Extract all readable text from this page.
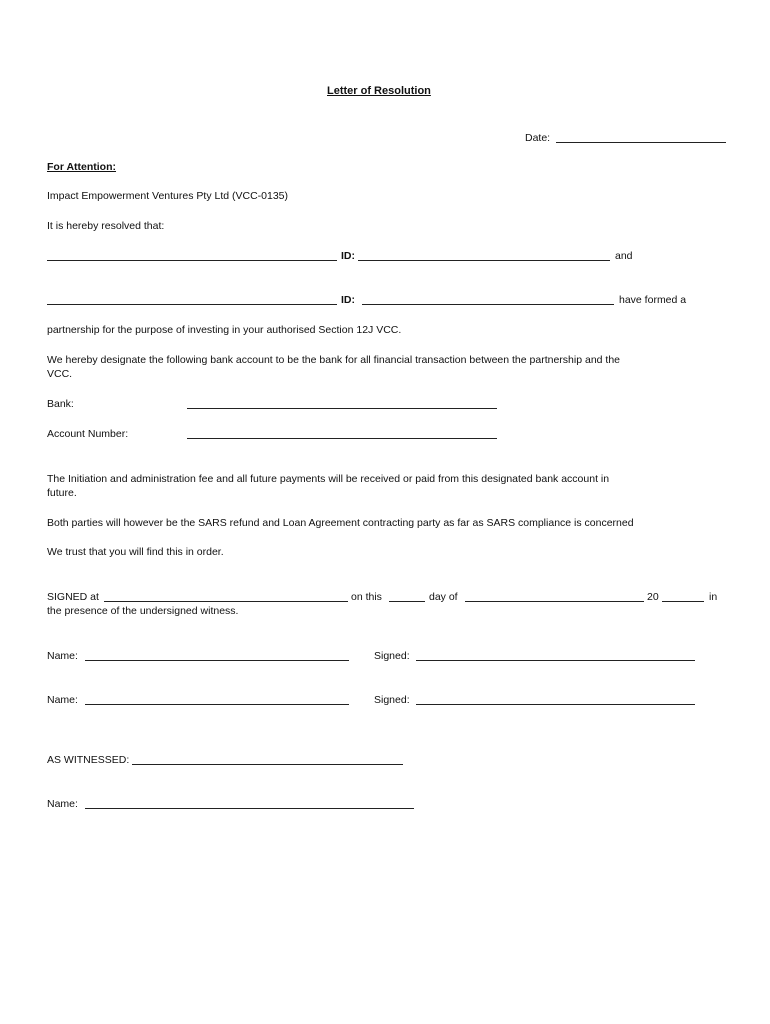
Letter of Resolution
Date:
For Attention:
Impact Empowerment Ventures Pty Ltd (VCC-0135)
It is hereby resolved that:
ID:	and
ID:	have formed a
partnership for the purpose of investing in your authorised Section 12J VCC.
We hereby designate the following bank account to be the bank for all financial transaction between the partnership and the
VCC.
Bank:
Account Number:
The Initiation and administration fee and all future payments will be received or paid from this designated bank account in
future.
Both parties will however be the SARS refund and Loan Agreement contracting party as far as SARS compliance is concerned
We trust that you will find this in order.
SIGNED at	on this	day of	20	in
the presence of the undersigned witness.
Name:	Signed:
Name:	Signed:
AS WITNESSED:
Name:
